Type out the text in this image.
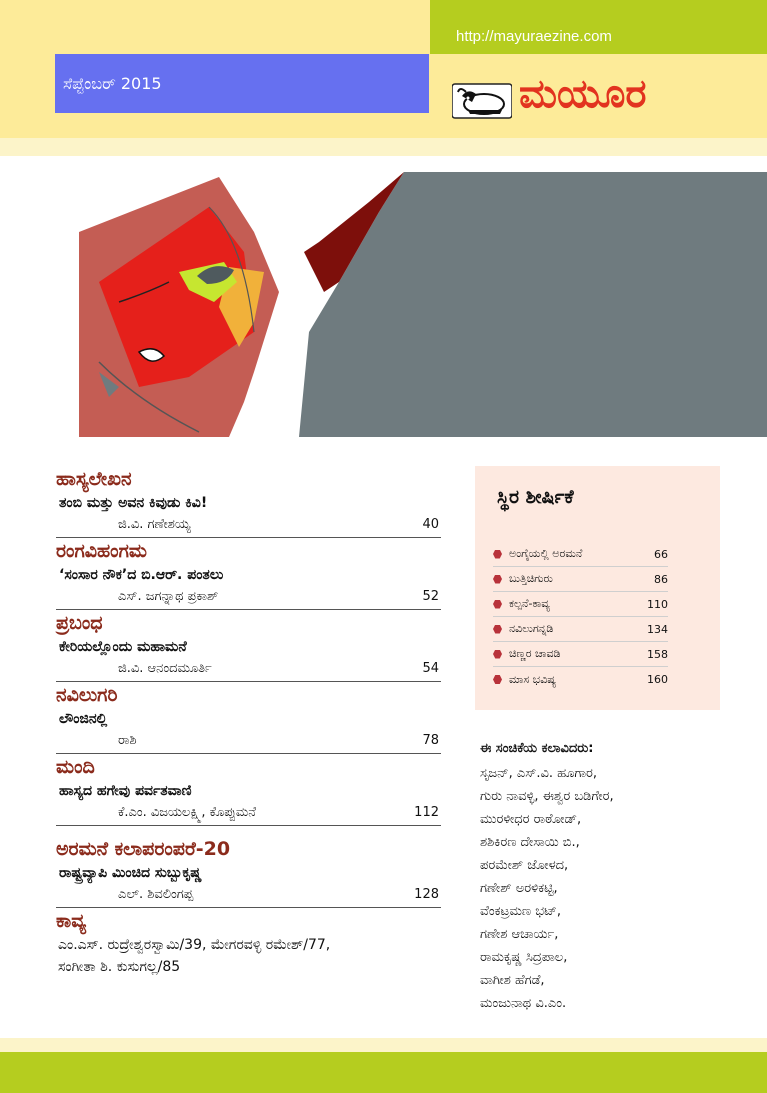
http://mayuraezine.com
ಸೆಪ್ಟೆಂಬರ್ 2015	ಮಯೂರ
ಹಾಸ್ಯಲೇಖನ
ತಂಬಿ ಮತ್ತು ಅವನ ಕಿವುಡು ಕಿವಿ!
ಜಿ.ವಿ. ಗಣೇಶಯ್ಯ	40
ರಂಗವಿಹಂಗಮ
‘ಸಂಸಾರ ನೌಕ’ದ ಬಿ.ಆರ್. ಪಂತಲು
ಎಸ್. ಜಗನ್ನಾಥ ಪ್ರಕಾಶ್	52
ಪ್ರಬಂಧ
ಕೇರಿಯಲ್ಲೊಂದು ಮಹಾಮನೆ
ಜಿ.ವಿ. ಆನಂದಮೂರ್ತಿ	54
ನವಿಲುಗರಿ
ಲೌಂಜಿನಲ್ಲಿ
ರಾಶಿ	78
ಮಂದಿ
ಹಾಸ್ಯದ ಹಗೇವು ಪರ್ವತವಾಣಿ
ಕೆ.ಎಂ. ವಿಜಯಲಕ್ಷ್ಮಿ, ಕೊಪ್ಪುಮನೆ	112
ಅರಮನೆ ಕಲಾಪರಂಪರೆ-20
ರಾಷ್ಟ್ರವ್ಯಾಪಿ ಮಿಂಚಿದ ಸುಬ್ಬುಕೃಷ್ಣ
ಎಲ್. ಶಿವಲಿಂಗಪ್ಪ	128
ಕಾವ್ಯ
ಎಂ.ಎಸ್. ರುದ್ರೇಶ್ವರಸ್ವಾಮಿ/39, ಮೇಗರವಳ್ಳಿ ರಮೇಶ್/77,
ಸಂಗೀತಾ ಶಿ. ಕುಸುಗಲ್ಲ/85
ಸ್ಥಿರ ಶೀರ್ಷಿಕೆ
ಅಂಗೈಯಲ್ಲಿ ಅರಮನೆ	66
ಬುತ್ತಿಚಿಗುರು	86
ಕಲ್ಪನೆ-ಕಾವ್ಯ	110
ನವಿಲುಗನ್ನಡಿ	134
ಚಿಣ್ಣರ ಚಾವಡಿ	158
ಮಾಸ ಭವಿಷ್ಯ	160
ಈ ಸಂಚಿಕೆಯ ಕಲಾವಿದರು:
ಸೃಜನ್, ಎಸ್.ವಿ. ಹೂಗಾರ,
ಗುರು ನಾವಳ್ಳಿ, ಈಶ್ವರ ಬಡಿಗೇರ,
ಮುರಳೀಧರ ರಾಠೋಡ್,
ಶಶಿಕಿರಣ ದೇಸಾಯಿ ಬಿ.,
ಪರಮೇಶ್ ಜೋಳದ,
ಗಣೇಶ್ ಅರಳಿಕಟ್ಟಿ,
ವೆಂಕಟ್ರಮಣ ಭಟ್,
ಗಣೇಶ ಆಚಾರ್ಯ,
ರಾಮಕೃಷ್ಣ ಸಿದ್ರಪಾಲ,
ವಾಗೀಶ ಹೆಗಡೆ,
ಮಂಜುನಾಥ ವಿ.ಎಂ.
